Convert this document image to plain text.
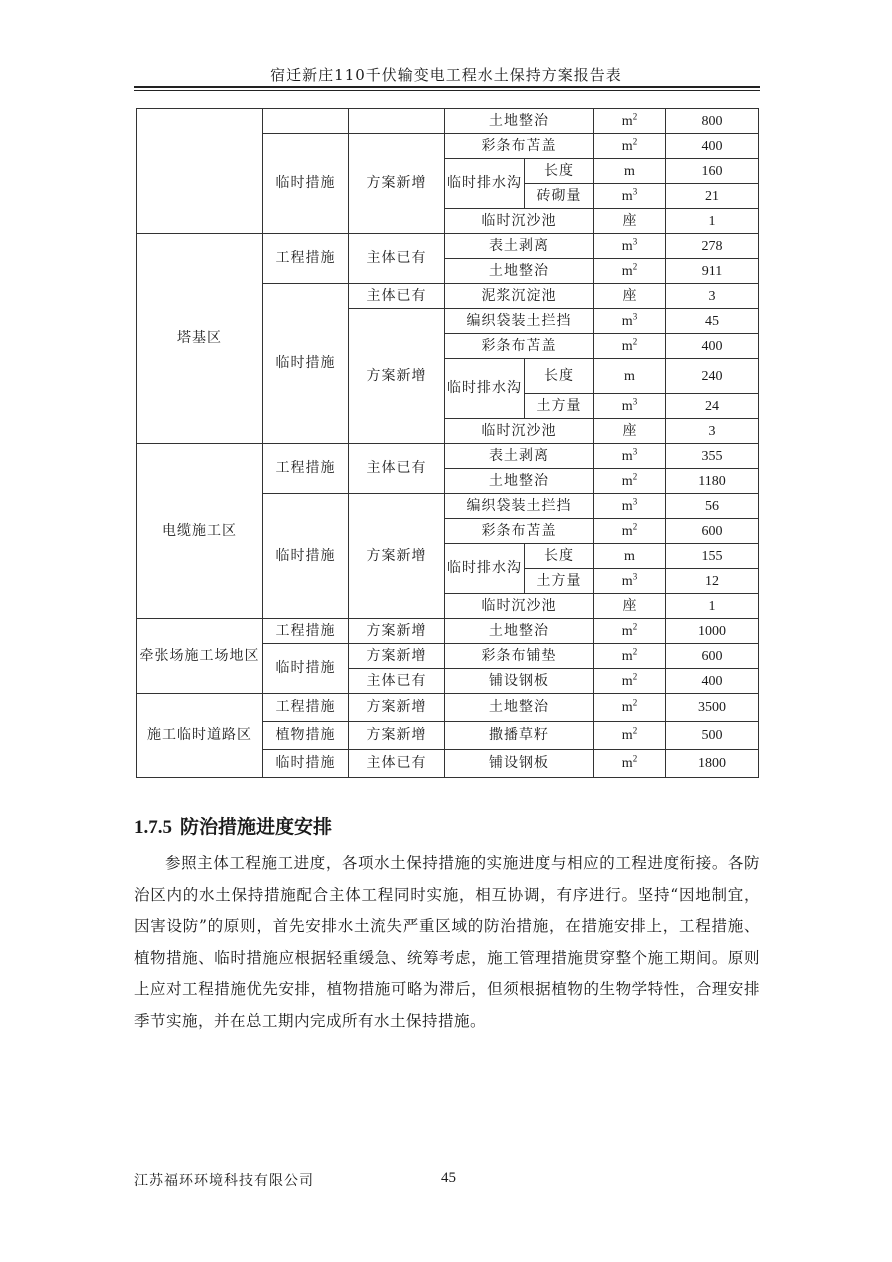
宿迁新庄110千伏输变电工程水土保持方案报告表
			土地整治		$m^2$	800
	临时措施	方案新增	彩条布苫盖		$m^2$	400
			临时排水沟	长度	m	160
				砖砌量	$m^3$	21
			临时沉沙池		座	1
塔基区	工程措施	主体已有	表土剥离		$m^3$	278
			土地整治		$m^2$	911
	临时措施	主体已有	泥浆沉淀池		座	3
		方案新增	编织袋装土拦挡		$m^3$	45
			彩条布苫盖		$m^2$	400
			临时排水沟	长度	m	240
				土方量	$m^3$	24
			临时沉沙池		座	3
电缆施工区	工程措施	主体已有	表土剥离		$m^3$	355
			土地整治		$m^2$	1180
	临时措施	方案新增	编织袋装土拦挡		$m^3$	56
			彩条布苫盖		$m^2$	600
			临时排水沟	长度	m	155
				土方量	$m^3$	12
			临时沉沙池		座	1
牵张场施工场地区	工程措施	方案新增	土地整治		$m^2$	1000
	临时措施	方案新增	彩条布铺垫		$m^2$	600
		主体已有	铺设钢板		$m^2$	400
施工临时道路区	工程措施	方案新增	土地整治		$m^2$	3500
	植物措施	方案新增	撒播草籽		$m^2$	500
	临时措施	主体已有	铺设钢板		$m^2$	1800
1.7.5 防治措施进度安排
参照主体工程施工进度，各项水土保持措施的实施进度与相应的工程进度衔接。各防治区内的水土保持措施配合主体工程同时实施，相互协调，有序进行。坚持“因地制宜，因害设防”的原则，首先安排水土流失严重区域的防治措施，在措施安排上，工程措施、植物措施、临时措施应根据轻重缓急、统筹考虑，施工管理措施贯穿整个施工期间。原则上应对工程措施优先安排，植物措施可略为滞后，但须根据植物的生物学特性，合理安排季节实施，并在总工期内完成所有水土保持措施。
江苏福环环境科技有限公司	45
